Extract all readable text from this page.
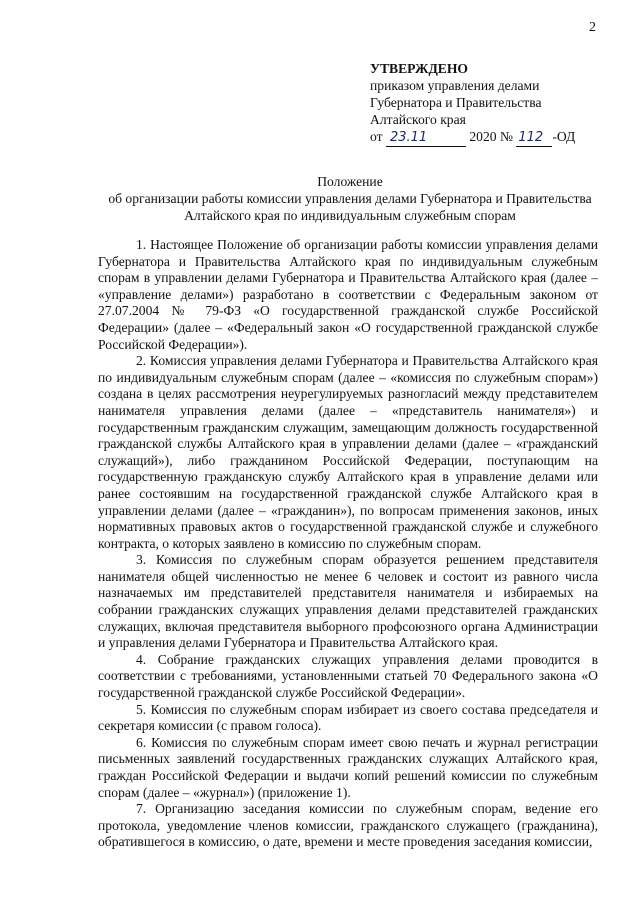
2
УТВЕРЖДЕНО
приказом управления делами
Губернатора и Правительства
Алтайского края
от 23.11	2020 № 112 -ОД
Положение
об организации работы комиссии управления делами Губернатора и Правительства
Алтайского края по индивидуальным служебным спорам

1. Настоящее Положение об организации работы комиссии управления делами Губернатора и Правительства Алтайского края по индивидуальным служебным спорам в управлении делами Губернатора и Правительства Алтайского края (далее – «управление делами») разработано в соответствии с Федеральным законом от 27.07.2004 № 79-ФЗ «О государственной гражданской службе Российской Федерации» (далее – «Федеральный закон «О государственной гражданской службе Российской Федерации»).

2. Комиссия управления делами Губернатора и Правительства Алтайского края по индивидуальным служебным спорам (далее – «комиссия по служебным спорам») создана в целях рассмотрения неурегулируемых разногласий между представителем нанимателя управления делами (далее – «представитель нанимателя») и государственным гражданским служащим, замещающим должность государственной гражданской службы Алтайского края в управлении делами (далее – «гражданский служащий»), либо гражданином Российской Федерации, поступающим на государственную гражданскую службу Алтайского края в управление делами или ранее состоявшим на государственной гражданской службе Алтайского края в управлении делами (далее – «гражданин»), по вопросам применения законов, иных нормативных правовых актов о государственной гражданской службе и служебного контракта, о которых заявлено в комиссию по служебным спорам.

3. Комиссия по служебным спорам образуется решением представителя нанимателя общей численностью не менее 6 человек и состоит из равного числа назначаемых им представителей представителя нанимателя и избираемых на собрании гражданских служащих управления делами представителей гражданских служащих, включая представителя выборного профсоюзного органа Администрации и управления делами Губернатора и Правительства Алтайского края.

4. Собрание гражданских служащих управления делами проводится в соответствии с требованиями, установленными статьей 70 Федерального закона «О государственной гражданской службе Российской Федерации».

5. Комиссия по служебным спорам избирает из своего состава председателя и секретаря комиссии (с правом голоса).

6. Комиссия по служебным спорам имеет свою печать и журнал регистрации письменных заявлений государственных гражданских служащих Алтайского края, граждан Российской Федерации и выдачи копий решений комиссии по служебным спорам (далее – «журнал») (приложение 1).

7. Организацию заседания комиссии по служебным спорам, ведение его протокола, уведомление членов комиссии, гражданского служащего (гражданина), обратившегося в комиссию, о дате, времени и месте проведения заседания комиссии,
